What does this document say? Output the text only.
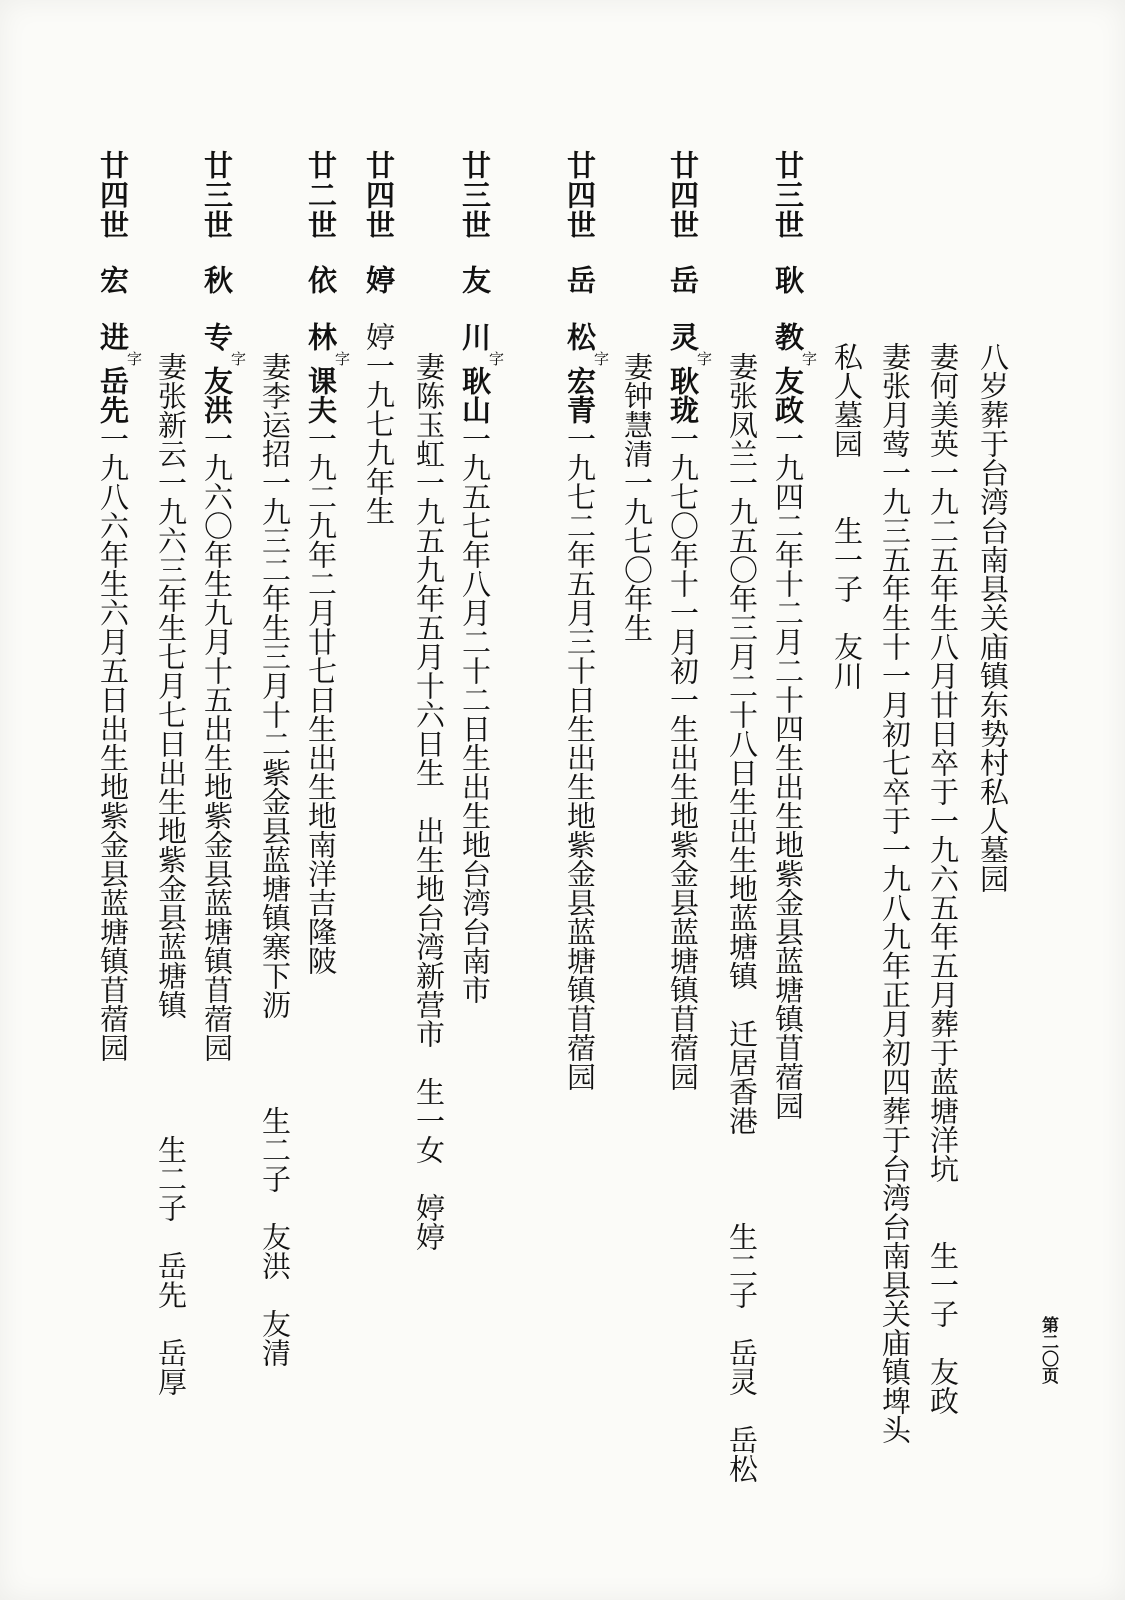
第二〇页
八岁葬于台湾台南县关庙镇东势村私人墓园
妻何美英一九二五年生八月廿日卒于一九六五年五月葬于蓝塘洋坑　　生一子　友政
妻张月莺一九三五年生十一月初七卒于一九八九年正月初四葬于台湾台南县关庙镇埤头
私人墓园　　生一子　友川
廿三世
耿
教字友政一九四二年十二月二十四生出生地紫金县蓝塘镇苜蓿园
妻张凤兰一九五〇年三月二十八日生出生地蓝塘镇　迁居香港　　　生二子　岳灵　岳松
廿四世
岳
灵字耿珑一九七〇年十一月初一生出生地紫金县蓝塘镇苜蓿园
妻钟慧清一九七〇年生
廿四世
岳
松字宏青一九七二年五月三十日生出生地紫金县蓝塘镇苜蓿园
廿三世
友
川字耿山一九五七年八月二十二日生出生地台湾台南市
妻陈玉虹一九五九年五月十六日生　出生地台湾新营市　生一女　婷婷
廿四世
婷
婷一九七九年生
廿二世
依
林字课夫一九二九年二月廿七日生出生地南洋吉隆陂
妻李运招一九三二年生三月十二紫金县蓝塘镇寨下沥　　　生二子　友洪　友清
廿三世
秋
专字友洪一九六〇年生九月十五出生地紫金县蓝塘镇苜蓿园
妻张新云一九六三年生七月七日出生地紫金县蓝塘镇　　　　生二子　岳先　岳厚
廿四世
宏
进字岳先一九八六年生六月五日出生地紫金县蓝塘镇苜蓿园
